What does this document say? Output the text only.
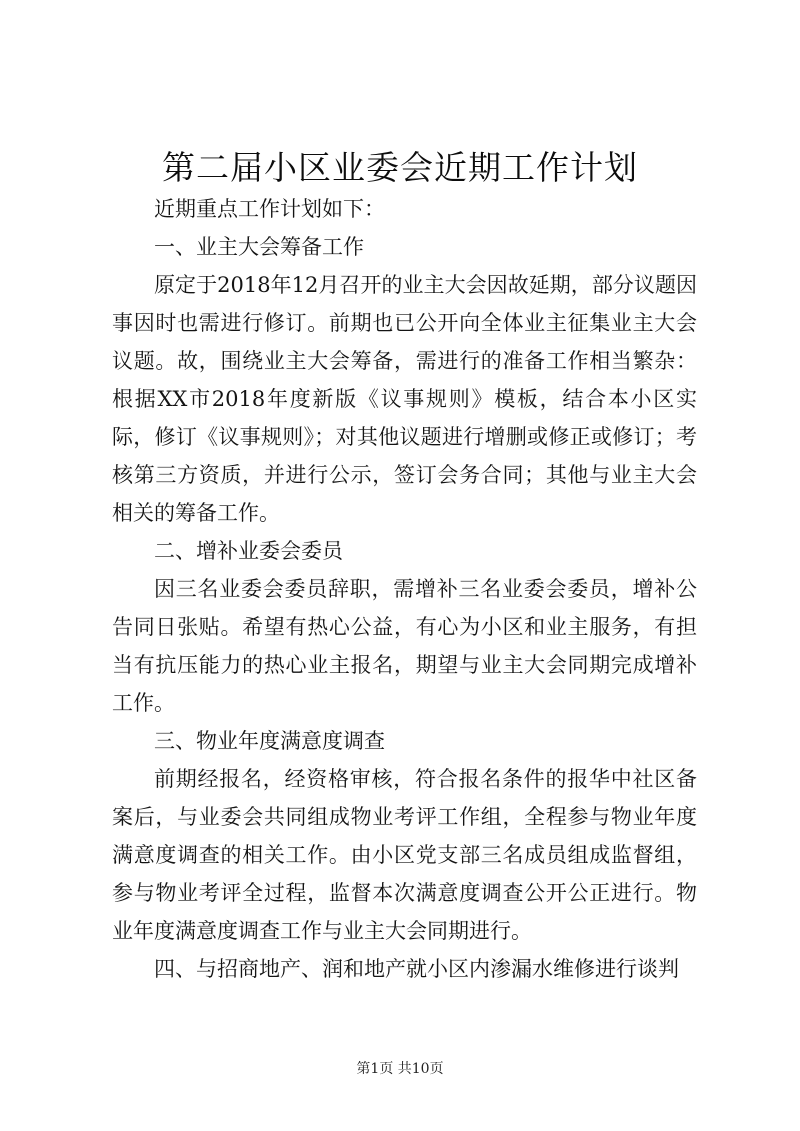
第二届小区业委会近期工作计划

近期重点工作计划如下：

一、业主大会筹备工作

原定于2018年12月召开的业主大会因故延期，部分议题因事因时也需进行修订。前期也已公开向全体业主征集业主大会议题。故，围绕业主大会筹备，需进行的准备工作相当繁杂：根据XX市2018年度新版《议事规则》模板，结合本小区实际，修订《议事规则》；对其他议题进行增删或修正或修订；考核第三方资质，并进行公示，签订会务合同；其他与业主大会相关的筹备工作。

二、增补业委会委员

因三名业委会委员辞职，需增补三名业委会委员，增补公告同日张贴。希望有热心公益，有心为小区和业主服务，有担当有抗压能力的热心业主报名，期望与业主大会同期完成增补工作。

三、物业年度满意度调查

前期经报名，经资格审核，符合报名条件的报华中社区备案后，与业委会共同组成物业考评工作组，全程参与物业年度满意度调查的相关工作。由小区党支部三名成员组成监督组，参与物业考评全过程，监督本次满意度调查公开公正进行。物业年度满意度调查工作与业主大会同期进行。

四、与招商地产、润和地产就小区内渗漏水维修进行谈判

第1页 共10页
